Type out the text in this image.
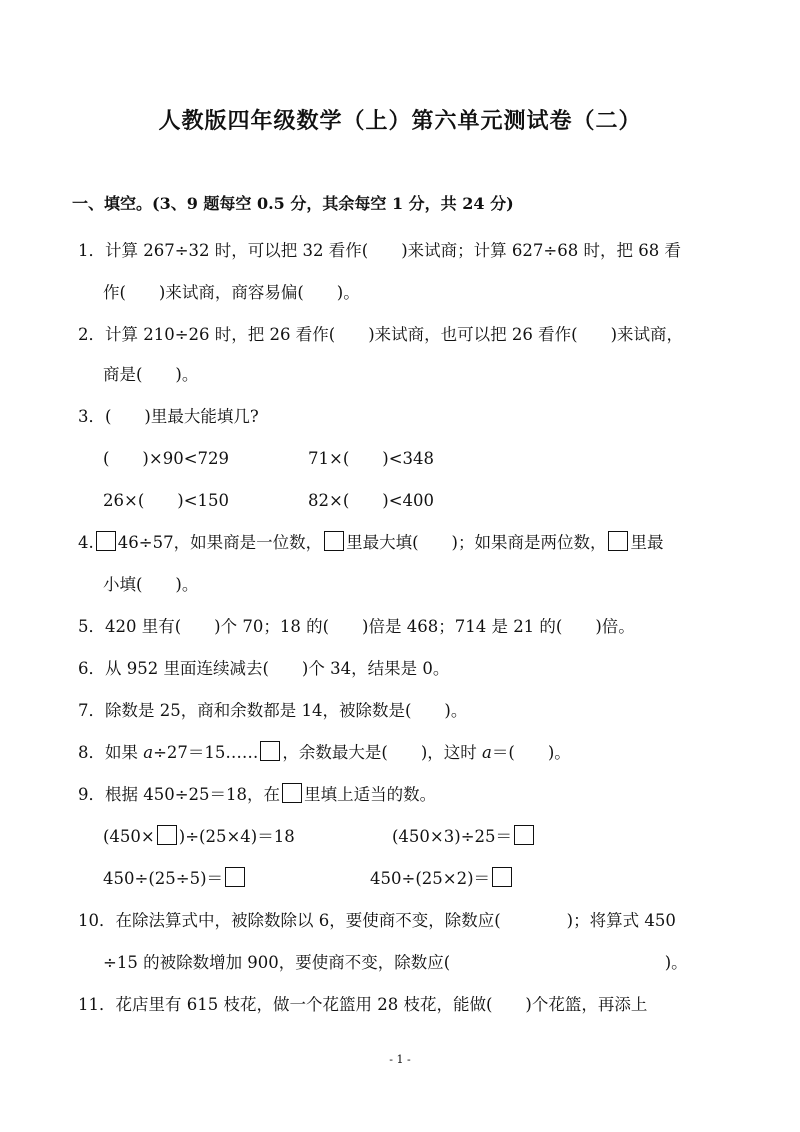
人教版四年级数学（上）第六单元测试卷（二）
一、填空。(3、9 题每空 0.5 分，其余每空 1 分，共 24 分)
1．计算 267÷32 时，可以把 32 看作(　　)来试商；计算 627÷68 时，把 68 看
作(　　)来试商，商容易偏(　　)。
2．计算 210÷26 时，把 26 看作(　　)来试商，也可以把 26 看作(　　)来试商，
商是(　　)。
3．(　　)里最大能填几?
(　　)×90<729	71×(　　)<348
26×(　　)<150	82×(　　)<400
4. 46÷57，如果商是一位数， 里最大填(　　)；如果商是两位数， 里最
小填(　　)。
5．420 里有(　　)个 70；18 的(　　)倍是 468；714 是 21 的(　　)倍。
6．从 952 里面连续减去(　　)个 34，结果是 0。
7．除数是 25，商和余数都是 14，被除数是(　　)。
8．如果 a÷27＝15…… ，余数最大是(　　)，这时 a＝(　　)。
9．根据 450÷25＝18，在 里填上适当的数。
(450× )÷(25×4)＝18	(450×3)÷25＝
450÷(25÷5)＝	450÷(25×2)＝
10．在除法算式中，被除数除以 6，要使商不变，除数应(　　　　)；将算式 450
÷15 的被除数增加 900，要使商不变，除数应(　　　　　　　　　　　　　)。
11．花店里有 615 枝花，做一个花篮用 28 枝花，能做(　　)个花篮，再添上
- 1 -
